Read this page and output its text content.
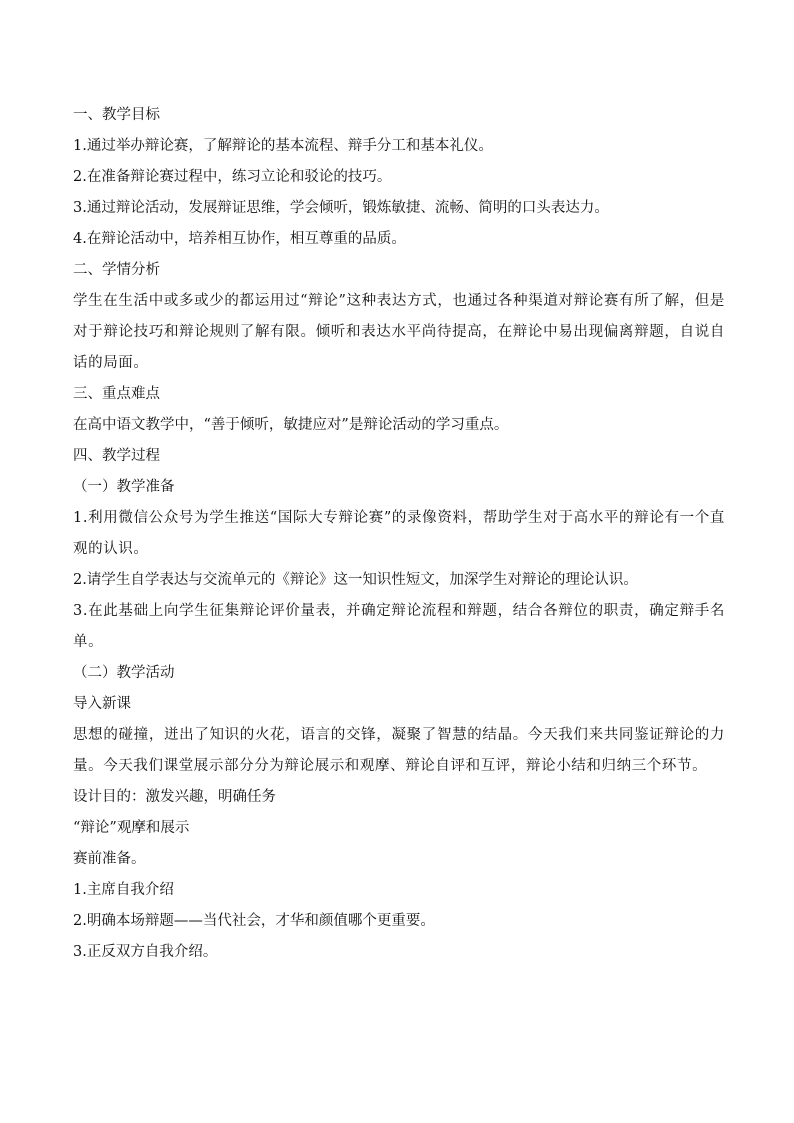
一、教学目标

1.通过举办辩论赛，了解辩论的基本流程、辩手分工和基本礼仪。

2.在准备辩论赛过程中，练习立论和驳论的技巧。

3.通过辩论活动，发展辩证思维，学会倾听，锻炼敏捷、流畅、简明的口头表达力。

4.在辩论活动中，培养相互协作，相互尊重的品质。

二、学情分析

学生在生活中或多或少的都运用过“辩论”这种表达方式，也通过各种渠道对辩论赛有所了解，但是对于辩论技巧和辩论规则了解有限。倾听和表达水平尚待提高，在辩论中易出现偏离辩题，自说自话的局面。

三、重点难点

在高中语文教学中，“善于倾听，敏捷应对”是辩论活动的学习重点。

四、教学过程

（一）教学准备

1.利用微信公众号为学生推送“国际大专辩论赛”的录像资料，帮助学生对于高水平的辩论有一个直观的认识。

2.请学生自学表达与交流单元的《辩论》这一知识性短文，加深学生对辩论的理论认识。

3.在此基础上向学生征集辩论评价量表，并确定辩论流程和辩题，结合各辩位的职责，确定辩手名单。

（二）教学活动

导入新课

思想的碰撞，迸出了知识的火花，语言的交锋，凝聚了智慧的结晶。今天我们来共同鉴证辩论的力量。今天我们课堂展示部分分为辩论展示和观摩、辩论自评和互评，辩论小结和归纳三个环节。

设计目的：激发兴趣，明确任务

“辩论”观摩和展示

赛前准备。

1.主席自我介绍

2.明确本场辩题——当代社会，才华和颜值哪个更重要。

3.正反双方自我介绍。
